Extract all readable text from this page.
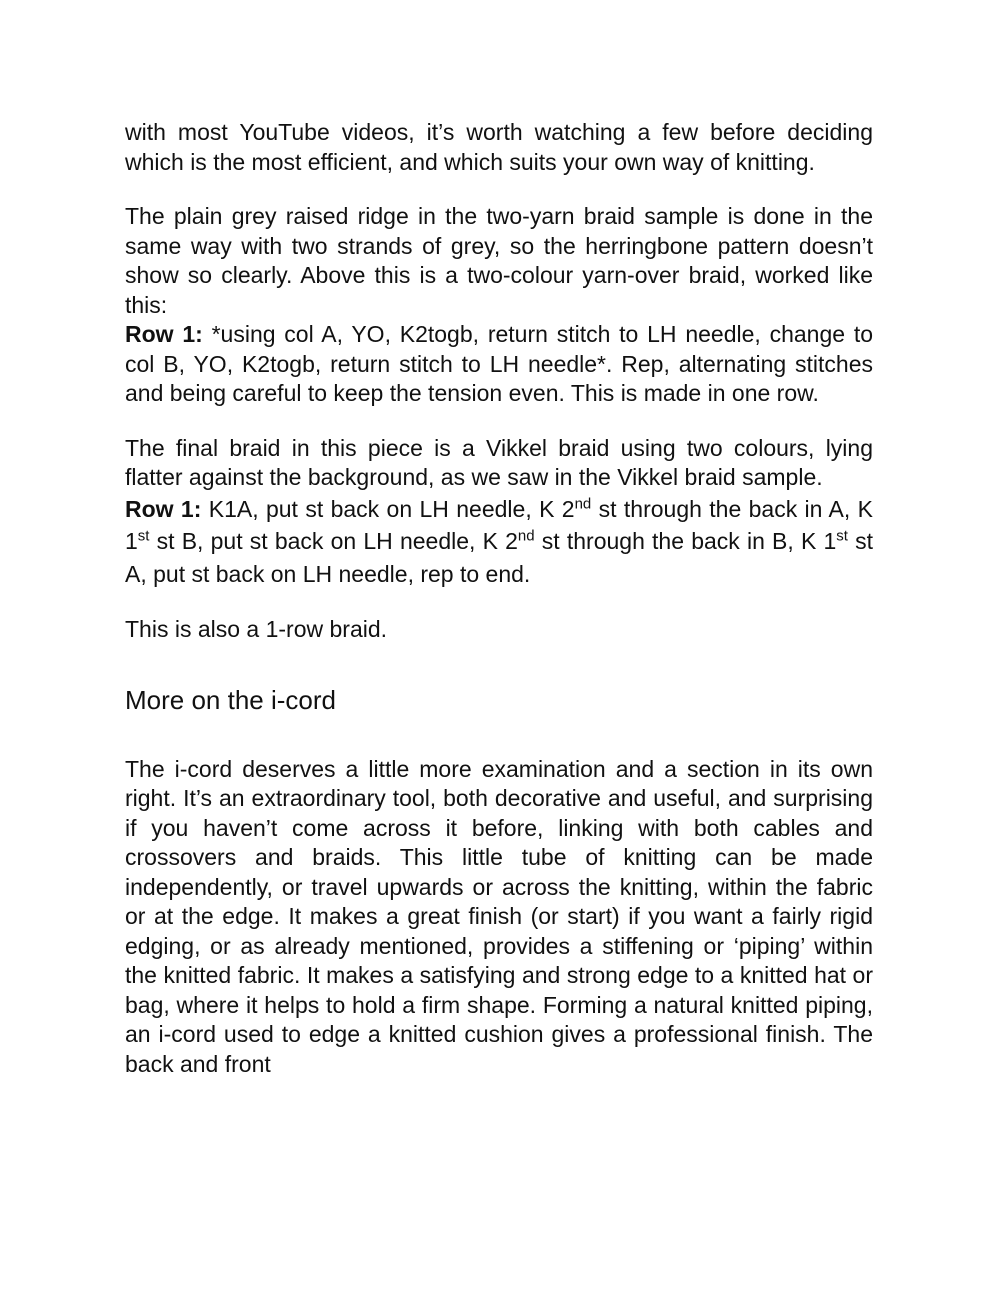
with most YouTube videos, it’s worth watching a few before deciding which is the most efficient, and which suits your own way of knitting.

The plain grey raised ridge in the two-yarn braid sample is done in the same way with two strands of grey, so the herringbone pattern doesn’t show so clearly. Above this is a two-colour yarn-over braid, worked like this:

Row 1: *using col A, YO, K2togb, return stitch to LH needle, change to col B, YO, K2togb, return stitch to LH needle*. Rep, alternating stitches and being careful to keep the tension even. This is made in one row.

The final braid in this piece is a Vikkel braid using two colours, lying flatter against the background, as we saw in the Vikkel braid sample.

Row 1: K1A, put st back on LH needle, K 2nd st through the back in A, K 1st st B, put st back on LH needle, K 2nd st through the back in B, K 1st st A, put st back on LH needle, rep to end.

This is also a 1-row braid.

More on the i-cord

The i-cord deserves a little more examination and a section in its own right. It’s an extraordinary tool, both decorative and useful, and surprising if you haven’t come across it before, linking with both cables and crossovers and braids. This little tube of knitting can be made independently, or travel upwards or across the knitting, within the fabric or at the edge. It makes a great finish (or start) if you want a fairly rigid edging, or as already mentioned, provides a stiffening or ‘piping’ within the knitted fabric. It makes a satisfying and strong edge to a knitted hat or bag, where it helps to hold a firm shape. Forming a natural knitted piping, an i-cord used to edge a knitted cushion gives a professional finish. The back and front
